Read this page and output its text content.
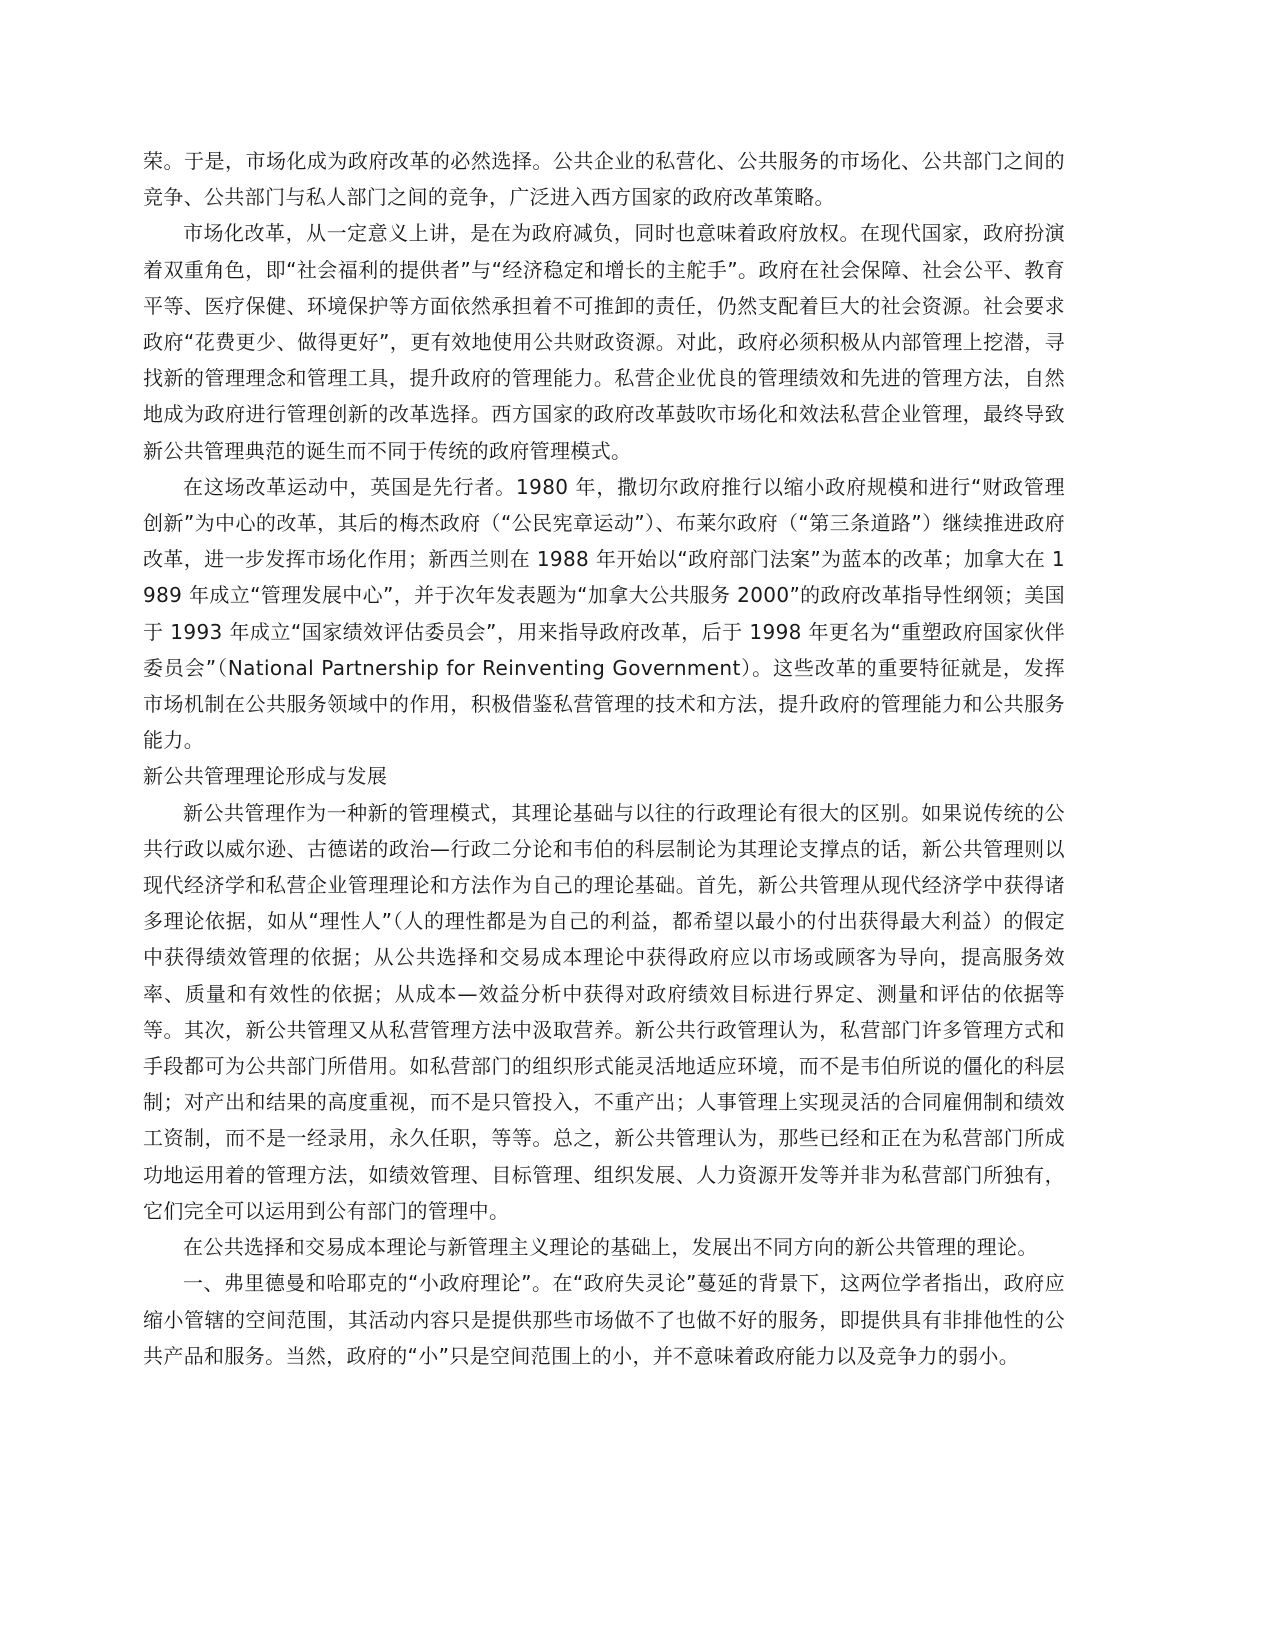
荣。于是，市场化成为政府改革的必然选择。公共企业的私营化、公共服务的市场化、公共部门之间的竞争、公共部门与私人部门之间的竞争，广泛进入西方国家的政府改革策略。

市场化改革，从一定意义上讲，是在为政府减负，同时也意味着政府放权。在现代国家，政府扮演着双重角色，即“社会福利的提供者”与“经济稳定和增长的主舵手”。政府在社会保障、社会公平、教育平等、医疗保健、环境保护等方面依然承担着不可推卸的责任，仍然支配着巨大的社会资源。社会要求政府“花费更少、做得更好”，更有效地使用公共财政资源。对此，政府必须积极从内部管理上挖潜，寻找新的管理理念和管理工具，提升政府的管理能力。私营企业优良的管理绩效和先进的管理方法，自然地成为政府进行管理创新的改革选择。西方国家的政府改革鼓吹市场化和效法私营企业管理，最终导致新公共管理典范的诞生而不同于传统的政府管理模式。

在这场改革运动中，英国是先行者。1980 年，撒切尔政府推行以缩小政府规模和进行“财政管理创新”为中心的改革，其后的梅杰政府（“公民宪章运动”）、布莱尔政府（“第三条道路”）继续推进政府改革，进一步发挥市场化作用；新西兰则在 1988 年开始以“政府部门法案”为蓝本的改革；加拿大在 1989 年成立“管理发展中心”，并于次年发表题为“加拿大公共服务 2000”的政府改革指导性纲领；美国于 1993 年成立“国家绩效评估委员会”，用来指导政府改革，后于 1998 年更名为“重塑政府国家伙伴委员会”（National Partnership for Reinventing Government）。这些改革的重要特征就是，发挥市场机制在公共服务领域中的作用，积极借鉴私营管理的技术和方法，提升政府的管理能力和公共服务能力。

新公共管理理论形成与发展

新公共管理作为一种新的管理模式，其理论基础与以往的行政理论有很大的区别。如果说传统的公共行政以威尔逊、古德诺的政治—行政二分论和韦伯的科层制论为其理论支撑点的话，新公共管理则以现代经济学和私营企业管理理论和方法作为自己的理论基础。首先，新公共管理从现代经济学中获得诸多理论依据，如从“理性人”（人的理性都是为自己的利益，都希望以最小的付出获得最大利益）的假定中获得绩效管理的依据；从公共选择和交易成本理论中获得政府应以市场或顾客为导向，提高服务效率、质量和有效性的依据；从成本—效益分析中获得对政府绩效目标进行界定、测量和评估的依据等等。其次，新公共管理又从私营管理方法中汲取营养。新公共行政管理认为，私营部门许多管理方式和手段都可为公共部门所借用。如私营部门的组织形式能灵活地适应环境，而不是韦伯所说的僵化的科层制；对产出和结果的高度重视，而不是只管投入，不重产出；人事管理上实现灵活的合同雇佣制和绩效工资制，而不是一经录用，永久任职，等等。总之，新公共管理认为，那些已经和正在为私营部门所成功地运用着的管理方法，如绩效管理、目标管理、组织发展、人力资源开发等并非为私营部门所独有，它们完全可以运用到公有部门的管理中。

在公共选择和交易成本理论与新管理主义理论的基础上，发展出不同方向的新公共管理的理论。

一、弗里德曼和哈耶克的“小政府理论”。在“政府失灵论”蔓延的背景下，这两位学者指出，政府应缩小管辖的空间范围，其活动内容只是提供那些市场做不了也做不好的服务，即提供具有非排他性的公共产品和服务。当然，政府的“小”只是空间范围上的小，并不意味着政府能力以及竞争力的弱小。
